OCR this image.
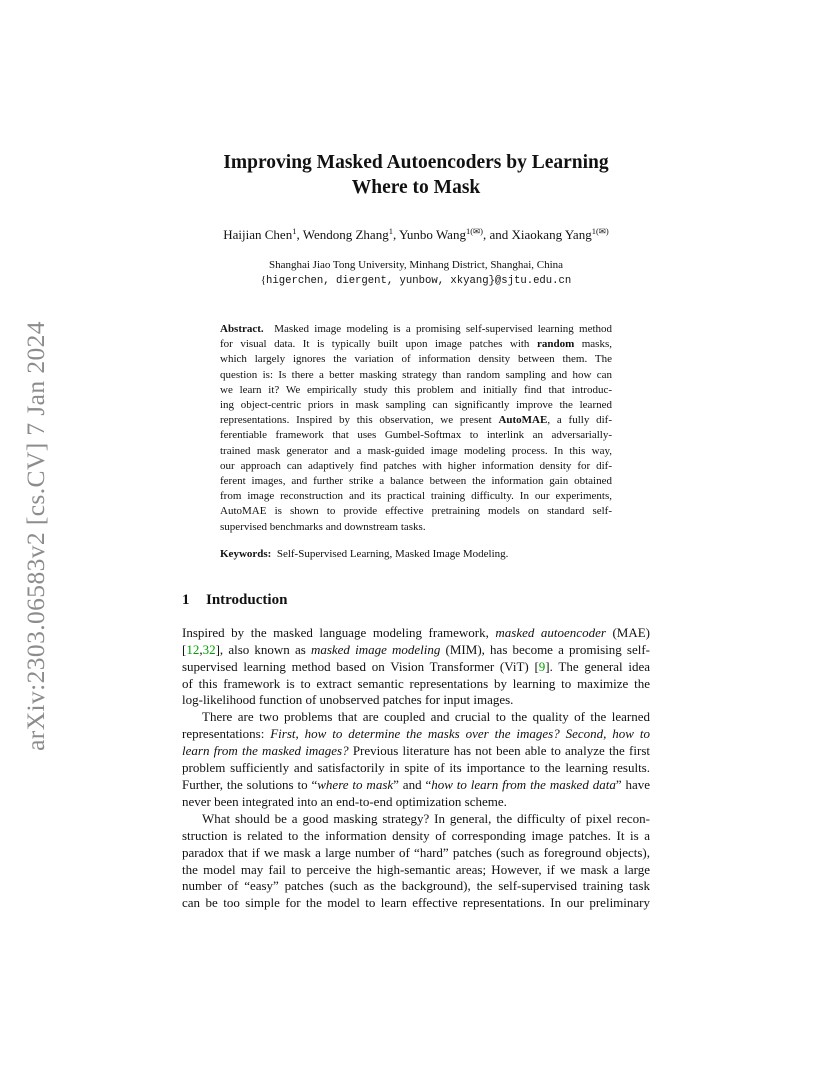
arXiv:2303.06583v2 [cs.CV] 7 Jan 2024
Improving Masked Autoencoders by Learning
Where to Mask
Haijian Chen$^1$, Wendong Zhang$^1$, Yunbo Wang$^{1(✉)}$, and Xiaokang Yang$^{1(✉)}$
Shanghai Jiao Tong University, Minhang District, Shanghai, China
{higerchen, diergent, yunbow, xkyang}@sjtu.edu.cn
Abstract. Masked image modeling is a promising self-supervised learning method
for visual data. It is typically built upon image patches with random masks,
which largely ignores the variation of information density between them. The
question is: Is there a better masking strategy than random sampling and how can
we learn it? We empirically study this problem and initially find that introduc-
ing object-centric priors in mask sampling can significantly improve the learned
representations. Inspired by this observation, we present AutoMAE, a fully dif-
ferentiable framework that uses Gumbel-Softmax to interlink an adversarially-
trained mask generator and a mask-guided image modeling process. In this way,
our approach can adaptively find patches with higher information density for dif-
ferent images, and further strike a balance between the information gain obtained
from image reconstruction and its practical training difficulty. In our experiments,
AutoMAE is shown to provide effective pretraining models on standard self-
supervised benchmarks and downstream tasks.
Keywords: Self-Supervised Learning, Masked Image Modeling.
1 Introduction
Inspired by the masked language modeling framework, masked autoencoder (MAE)
[12,32], also known as masked image modeling (MIM), has become a promising self-
supervised learning method based on Vision Transformer (ViT) [9]. The general idea
of this framework is to extract semantic representations by learning to maximize the
log-likelihood function of unobserved patches for input images.
There are two problems that are coupled and crucial to the quality of the learned
representations: First, how to determine the masks over the images? Second, how to
learn from the masked images? Previous literature has not been able to analyze the first
problem sufficiently and satisfactorily in spite of its importance to the learning results.
Further, the solutions to “where to mask” and “how to learn from the masked data” have
never been integrated into an end-to-end optimization scheme.
What should be a good masking strategy? In general, the difficulty of pixel recon-
struction is related to the information density of corresponding image patches. It is a
paradox that if we mask a large number of “hard” patches (such as foreground objects),
the model may fail to perceive the high-semantic areas; However, if we mask a large
number of “easy” patches (such as the background), the self-supervised training task
can be too simple for the model to learn effective representations. In our preliminary
